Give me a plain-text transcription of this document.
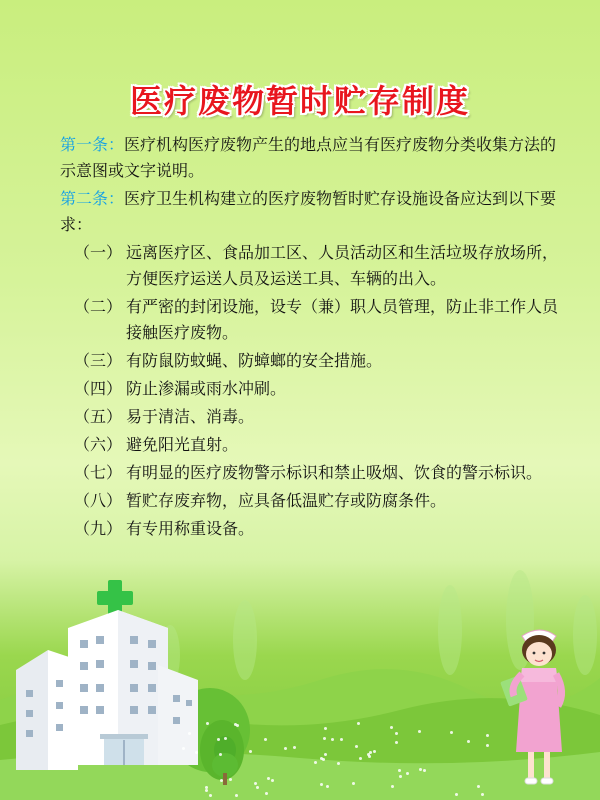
医疗废物暂时贮存制度
第一条：医疗机构医疗废物产生的地点应当有医疗废物分类收集方法的示意图或文字说明。
第二条：医疗卫生机构建立的医疗废物暂时贮存设施设备应达到以下要求：
（一） 远离医疗区、食品加工区、人员活动区和生活垃圾存放场所，方便医疗运送人员及运送工具、车辆的出入。
（二） 有严密的封闭设施，设专（兼）职人员管理，防止非工作人员接触医疗废物。
（三） 有防鼠防蚊蝇、防蟑螂的安全措施。
（四） 防止渗漏或雨水冲刷。
（五） 易于清洁、消毒。
（六） 避免阳光直射。
（七） 有明显的医疗废物警示标识和禁止吸烟、饮食的警示标识。
（八） 暂贮存废弃物，应具备低温贮存或防腐条件。
（九） 有专用称重设备。
